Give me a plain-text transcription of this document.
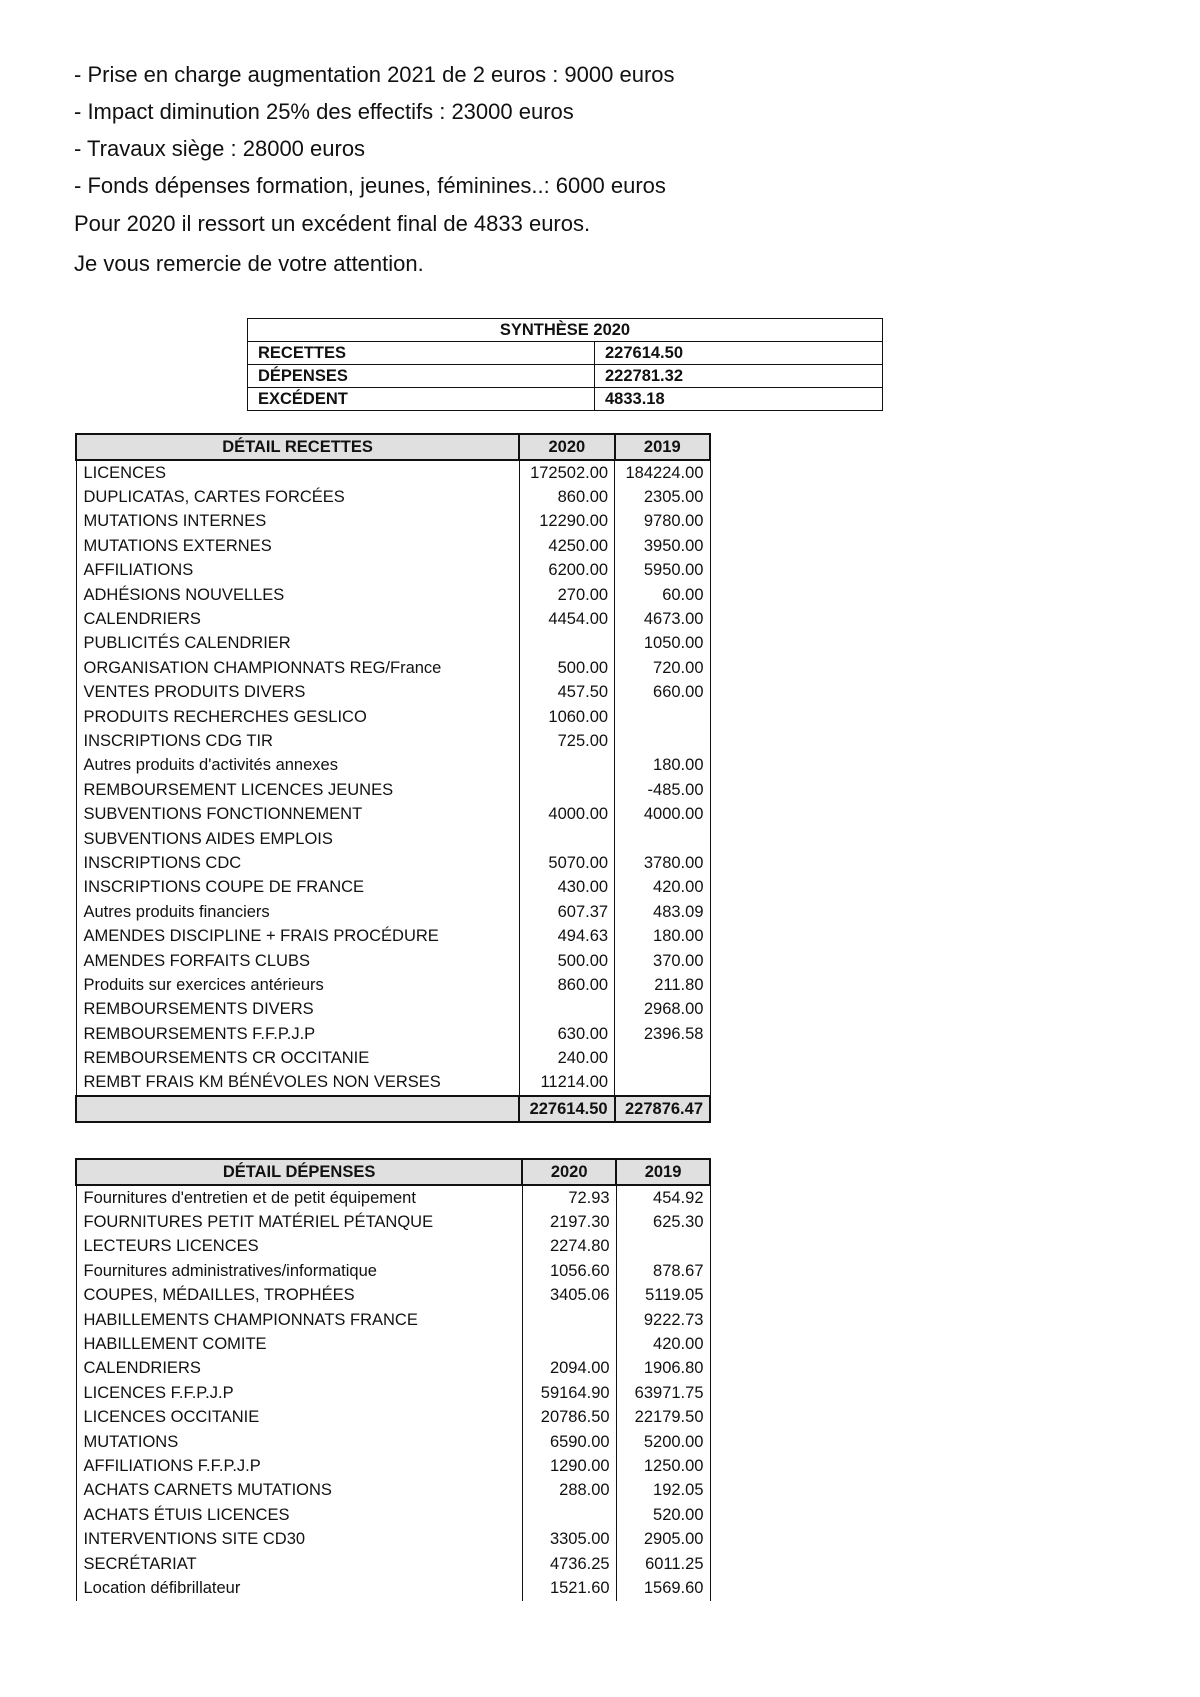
- Prise en charge augmentation 2021 de 2 euros : 9000 euros
- Impact diminution 25% des effectifs : 23000 euros
- Travaux siège : 28000 euros
- Fonds dépenses formation, jeunes, féminines..: 6000 euros
Pour 2020 il ressort un excédent final de 4833 euros.
Je vous remercie de votre attention.
SYNTHÈSE 2020	
RECETTES	227614.50
DÉPENSES	222781.32
EXCÉDENT	4833.18
DÉTAIL RECETTES	2020	2019
LICENCES	172502.00	184224.00
DUPLICATAS, CARTES FORCÉES	860.00	2305.00
MUTATIONS INTERNES	12290.00	9780.00
MUTATIONS EXTERNES	4250.00	3950.00
AFFILIATIONS	6200.00	5950.00
ADHÉSIONS NOUVELLES	270.00	60.00
CALENDRIERS	4454.00	4673.00
PUBLICITÉS CALENDRIER		1050.00
ORGANISATION CHAMPIONNATS REG/France	500.00	720.00
VENTES PRODUITS DIVERS	457.50	660.00
PRODUITS RECHERCHES GESLICO	1060.00	
INSCRIPTIONS CDG TIR	725.00	
Autres produits d'activités annexes		180.00
REMBOURSEMENT LICENCES JEUNES		-485.00
SUBVENTIONS FONCTIONNEMENT	4000.00	4000.00
SUBVENTIONS AIDES EMPLOIS		
INSCRIPTIONS CDC	5070.00	3780.00
INSCRIPTIONS COUPE DE FRANCE	430.00	420.00
Autres produits financiers	607.37	483.09
AMENDES DISCIPLINE + FRAIS PROCÉDURE	494.63	180.00
AMENDES FORFAITS CLUBS	500.00	370.00
Produits sur exercices antérieurs	860.00	211.80
REMBOURSEMENTS DIVERS		2968.00
REMBOURSEMENTS F.F.P.J.P	630.00	2396.58
REMBOURSEMENTS CR OCCITANIE	240.00	
REMBT FRAIS KM BÉNÉVOLES NON VERSES	11214.00	
	227614.50	227876.47
DÉTAIL DÉPENSES	2020	2019
Fournitures d'entretien et de petit équipement	72.93	454.92
FOURNITURES PETIT MATÉRIEL PÉTANQUE	2197.30	625.30
LECTEURS LICENCES	2274.80	
Fournitures administratives/informatique	1056.60	878.67
COUPES, MÉDAILLES, TROPHÉES	3405.06	5119.05
HABILLEMENTS CHAMPIONNATS FRANCE		9222.73
HABILLEMENT COMITE		420.00
CALENDRIERS	2094.00	1906.80
LICENCES F.F.P.J.P	59164.90	63971.75
LICENCES OCCITANIE	20786.50	22179.50
MUTATIONS	6590.00	5200.00
AFFILIATIONS F.F.P.J.P	1290.00	1250.00
ACHATS CARNETS MUTATIONS	288.00	192.05
ACHATS ÉTUIS LICENCES		520.00
INTERVENTIONS SITE CD30	3305.00	2905.00
SECRÉTARIAT	4736.25	6011.25
Location défibrillateur	1521.60	1569.60
